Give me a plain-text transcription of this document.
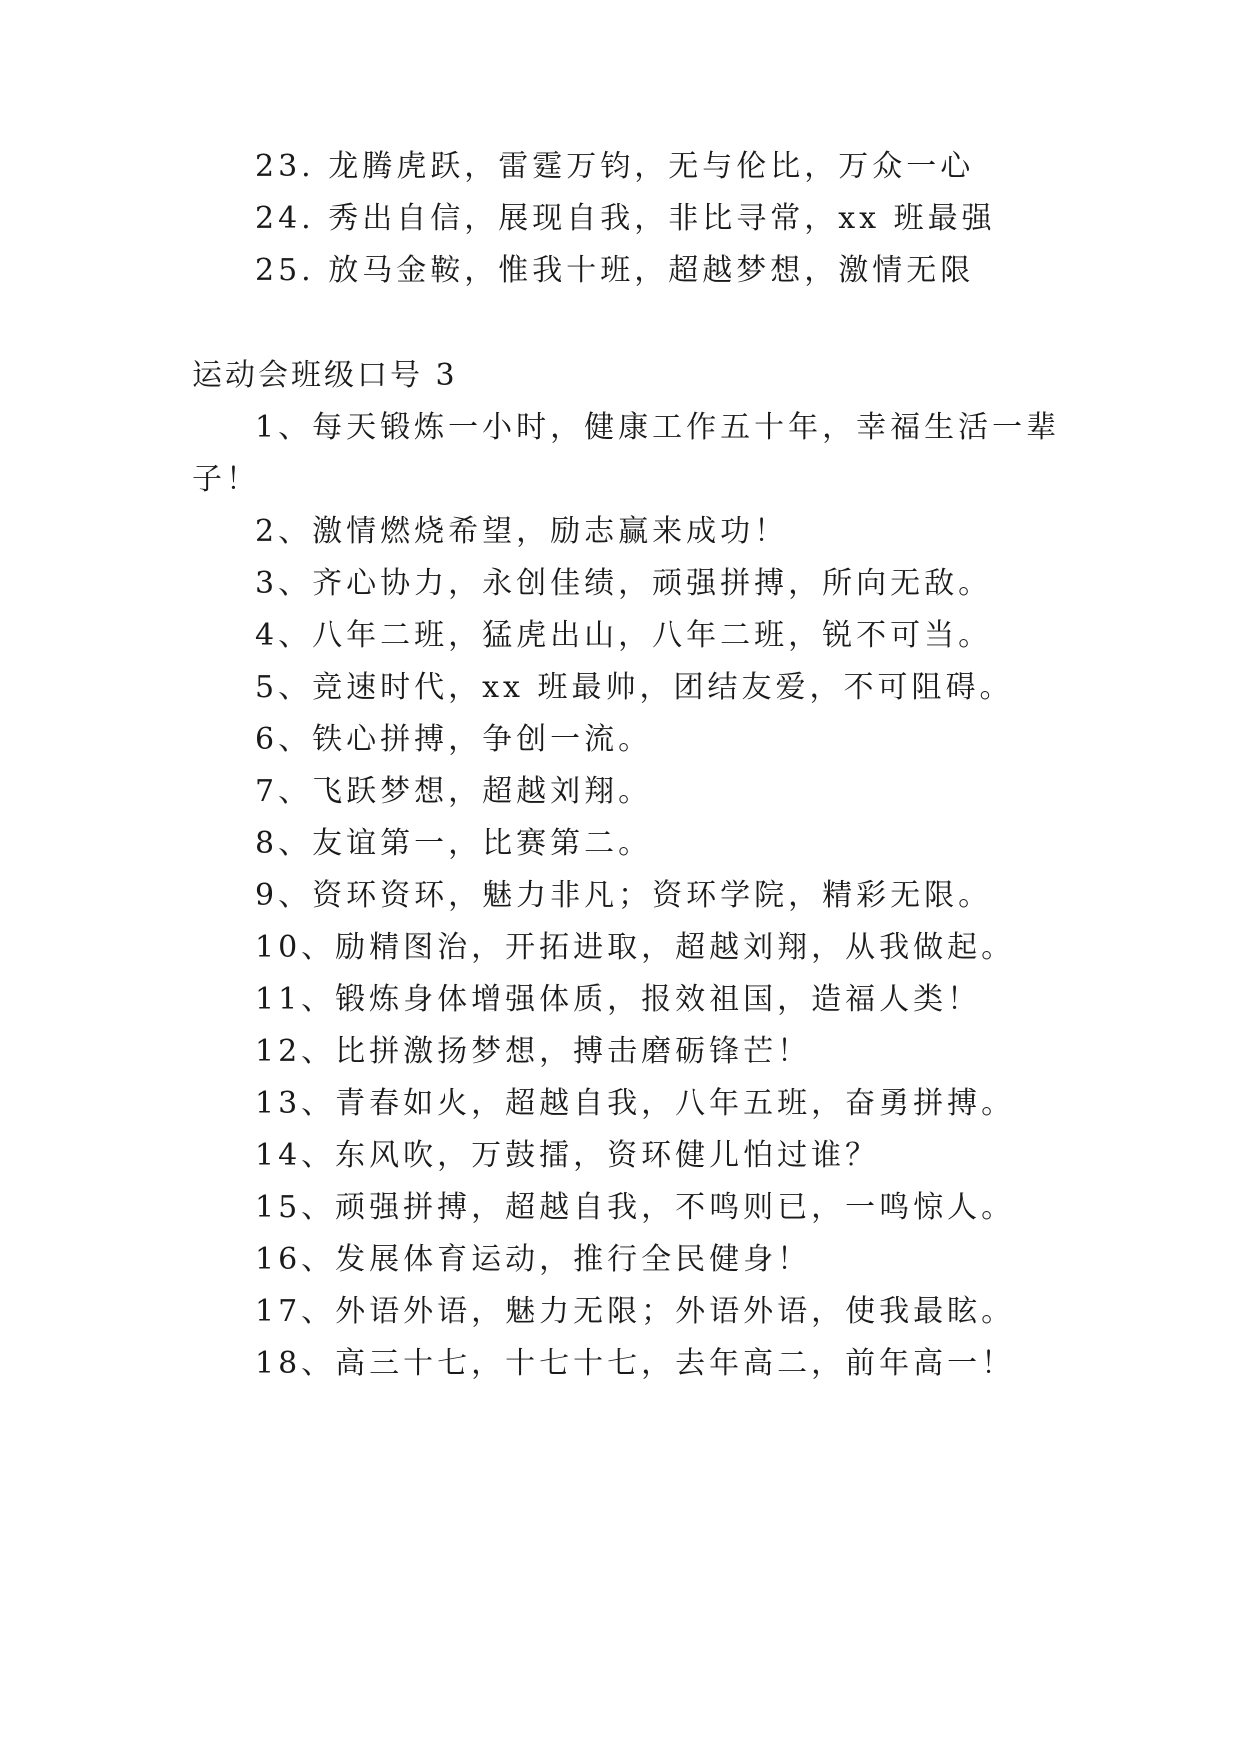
23. 龙腾虎跃，雷霆万钧，无与伦比，万众一心
24. 秀出自信，展现自我，非比寻常，xx 班最强
25. 放马金鞍，惟我十班，超越梦想，激情无限
运动会班级口号 3
1、每天锻炼一小时，健康工作五十年，幸福生活一辈
子！
2、激情燃烧希望，励志赢来成功！
3、齐心协力，永创佳绩，顽强拼搏，所向无敌。
4、八年二班，猛虎出山，八年二班，锐不可当。
5、竞速时代，xx 班最帅，团结友爱，不可阻碍。
6、铁心拼搏，争创一流。
7、飞跃梦想，超越刘翔。
8、友谊第一，比赛第二。
9、资环资环，魅力非凡；资环学院，精彩无限。
10、励精图治，开拓进取，超越刘翔，从我做起。
11、锻炼身体增强体质，报效祖国，造福人类！
12、比拼激扬梦想，搏击磨砺锋芒！
13、青春如火，超越自我，八年五班，奋勇拼搏。
14、东风吹，万鼓擂，资环健儿怕过谁？
15、顽强拼搏，超越自我，不鸣则已，一鸣惊人。
16、发展体育运动，推行全民健身！
17、外语外语，魅力无限；外语外语，使我最眩。
18、高三十七，十七十七，去年高二，前年高一！
